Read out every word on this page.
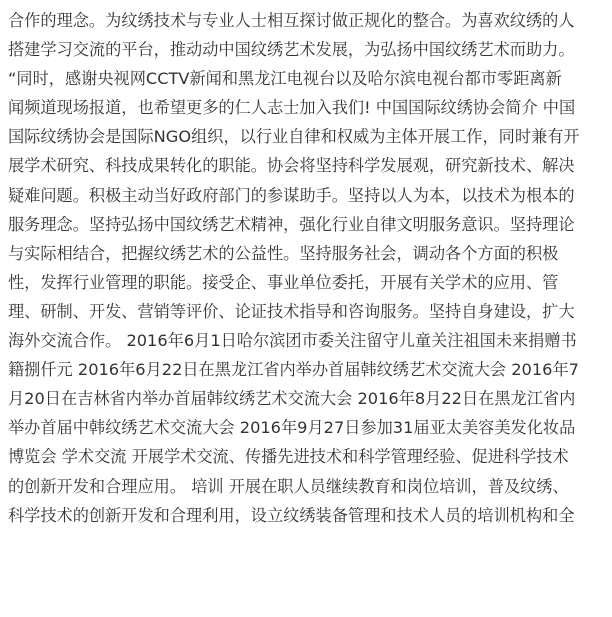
合作的理念。为纹绣技术与专业人士相互探讨做正规化的整合。为喜欢纹绣的人
搭建学习交流的平台，推动动中国纹绣艺术发展，为弘扬中国纹绣艺术而助力。
“同时，感谢央视网CCTV新闻和黑龙江电视台以及哈尔滨电视台都市零距离新
闻频道现场报道，也希望更多的仁人志士加入我们! 中国国际纹绣协会简介 中国
国际纹绣协会是国际NGO组织，以行业自律和权威为主体开展工作，同时兼有开
展学术研究、科技成果转化的职能。协会将坚持科学发展观，研究新技术、解决
疑难问题。积极主动当好政府部门的参谋助手。坚持以人为本，以技术为根本的
服务理念。坚持弘扬中国纹绣艺术精神，强化行业自律文明服务意识。坚持理论
与实际相结合，把握纹绣艺术的公益性。坚持服务社会，调动各个方面的积极
性，发挥行业管理的职能。接受企、事业单位委托，开展有关学术的应用、管
理、研制、开发、营销等评价、论证技术指导和咨询服务。坚持自身建设，扩大
海外交流合作。 2016年6月1日哈尔滨团市委关注留守儿童关注祖国未来捐赠书
籍捌仟元 2016年6月22日在黑龙江省内举办首届韩纹绣艺术交流大会 2016年7
月20日在吉林省内举办首届韩纹绣艺术交流大会 2016年8月22日在黑龙江省内
举办首届中韩纹绣艺术交流大会 2016年9月27日参加31届亚太美容美发化妆品
博览会 学术交流 开展学术交流、传播先进技术和科学管理经验、促进科学技术
的创新开发和合理应用。 培训 开展在职人员继续教育和岗位培训，普及纹绣、
科学技术的创新开发和合理利用，设立纹绣装备管理和技术人员的培训机构和全
